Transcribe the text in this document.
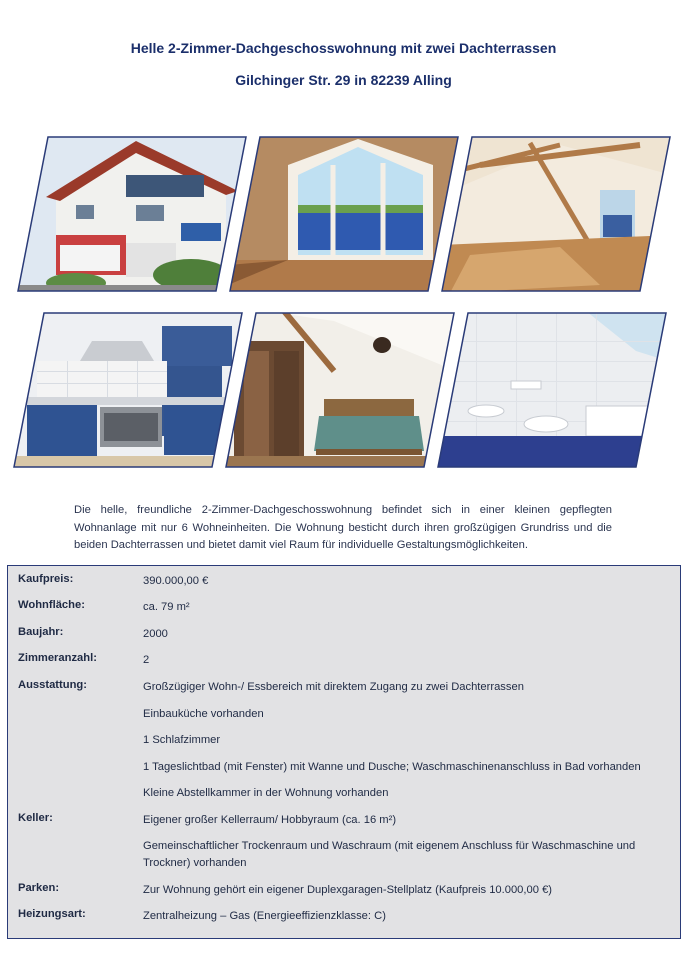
Helle 2-Zimmer-Dachgeschosswohnung mit zwei Dachterrassen
Gilchinger Str. 29 in 82239 Alling
Die helle, freundliche 2-Zimmer-Dachgeschosswohnung befindet sich in einer kleinen gepflegten Wohnanlage mit nur 6 Wohneinheiten. Die Wohnung besticht durch ihren großzügigen Grundriss und die beiden Dachterrassen und bietet damit viel Raum für individuelle Gestaltungsmöglichkeiten.
Kaufpreis:	390.000,00 €
Wohnfläche:	ca. 79 m²
Baujahr:	2000
Zimmeranzahl:	2
Ausstattung:	Großzügiger Wohn-/ Essbereich mit direktem Zugang zu zwei Dachterrassen
Einbauküche vorhanden
1 Schlafzimmer
1 Tageslichtbad (mit Fenster) mit Wanne und Dusche; Waschmaschinenanschluss in Bad vorhanden
Kleine Abstellkammer in der Wohnung vorhanden
Keller:	Eigener großer Kellerraum/ Hobbyraum (ca. 16 m²)
Gemeinschaftlicher Trockenraum und Waschraum (mit eigenem Anschluss für Waschmaschine und Trockner) vorhanden
Parken:	Zur Wohnung gehört ein eigener Duplexgaragen-Stellplatz (Kaufpreis 10.000,00 €)
Heizungsart:	Zentralheizung – Gas (Energieeffizienzklasse: C)
